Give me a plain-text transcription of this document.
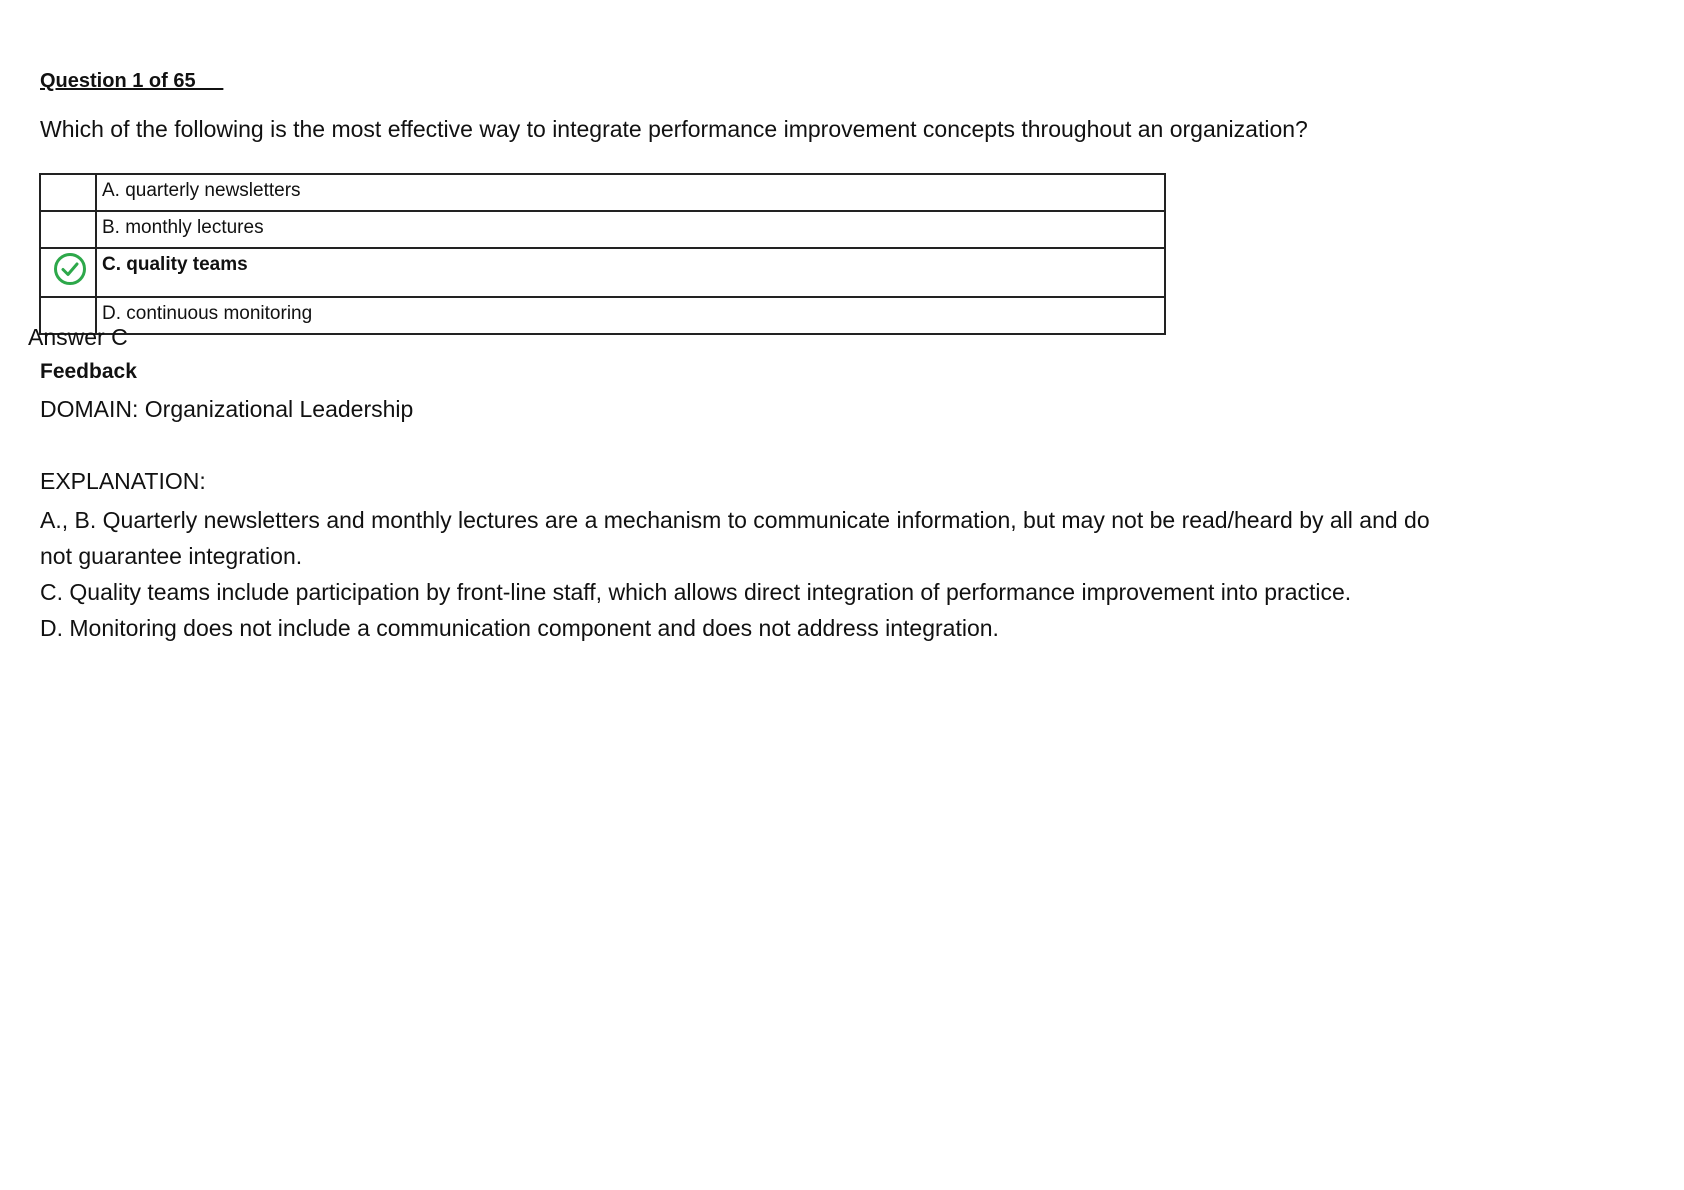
Question 1 of 65
Which of the following is the most effective way to integrate performance improvement concepts throughout an organization?
	A. quarterly newsletters
	B. monthly lectures

	C. quality teams
	D. continuous monitoring
Answer C
Feedback
DOMAIN: Organizational Leadership
EXPLANATION:

A., B. Quarterly newsletters and monthly lectures are a mechanism to communicate information, but may not be read/heard by all and do not guarantee integration.

C. Quality teams include participation by front-line staff, which allows direct integration of performance improvement into practice.

D. Monitoring does not include a communication component and does not address integration.
